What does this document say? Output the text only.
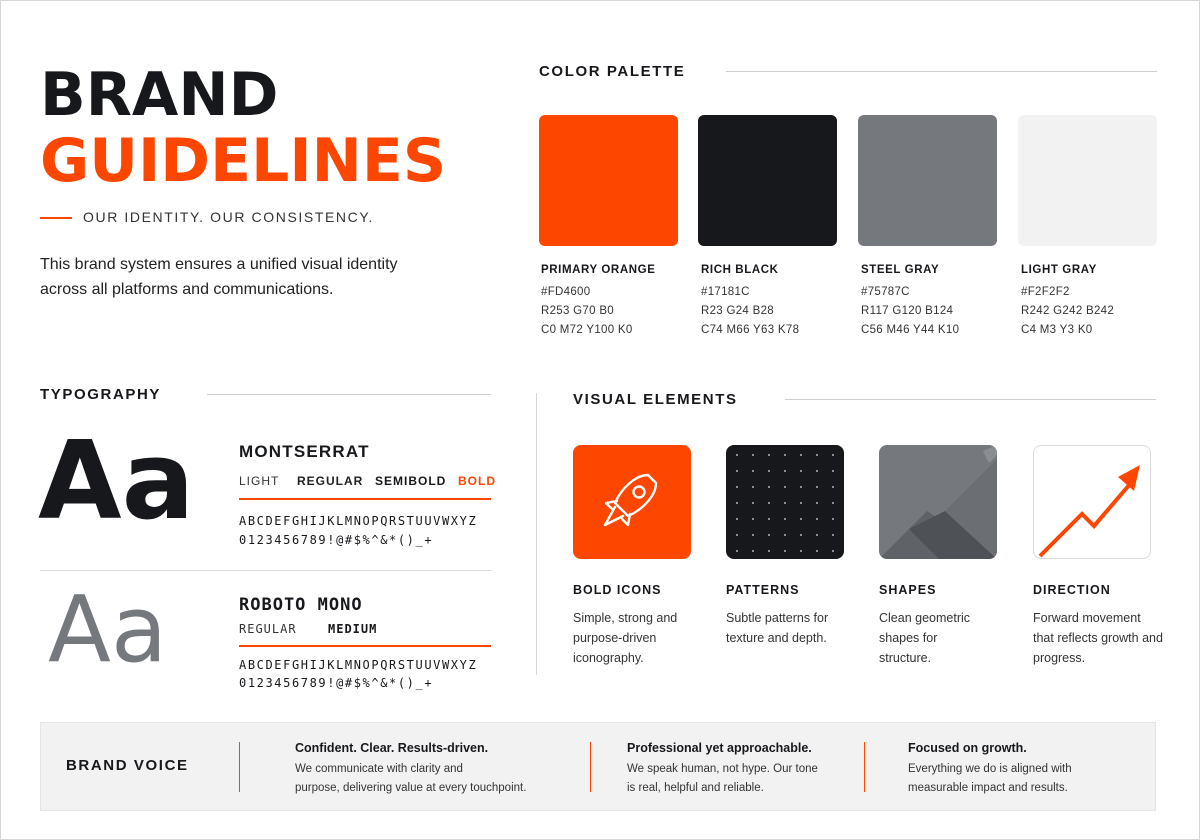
BRAND
GUIDELINES
OUR IDENTITY. OUR CONSISTENCY.
This brand system ensures a unified visual identity across all platforms and communications.
COLOR PALETTE
PRIMARY ORANGE
#FD4600
R253 G70 B0
C0 M72 Y100 K0
RICH BLACK
#17181C
R23 G24 B28
C74 M66 Y63 K78
STEEL GRAY
#75787C
R117 G120 B124
C56 M46 Y44 K10
LIGHT GRAY
#F2F2F2
R242 G242 B242
C4 M3 Y3 K0
TYPOGRAPHY
Aa	MONTSERRAT
LIGHT REGULAR SEMIBOLD BOLD
ABCDEFGHIJKLMNOPQRSTUUVWXYZ
0123456789!@#$%^&*()_+
Aa	ROBOTO MONO
REGULAR	MEDIUM
ABCDEFGHIJKLMNOPQRSTUUVWXYZ
0123456789!@#$%^&*()_+
VISUAL ELEMENTS
BOLD ICONS
Simple, strong and purpose-driven iconography.
PATTERNS
Subtle patterns for texture and depth.
SHAPES
Clean geometric shapes for structure.
DIRECTION
Forward movement that reflects growth and progress.
BRAND VOICE
Confident. Clear. Results-driven.
We communicate with clarity and
purpose, delivering value at every touchpoint.
Professional yet approachable.
We speak human, not hype. Our tone
is real, helpful and reliable.
Focused on growth.
Everything we do is aligned with
measurable impact and results.
